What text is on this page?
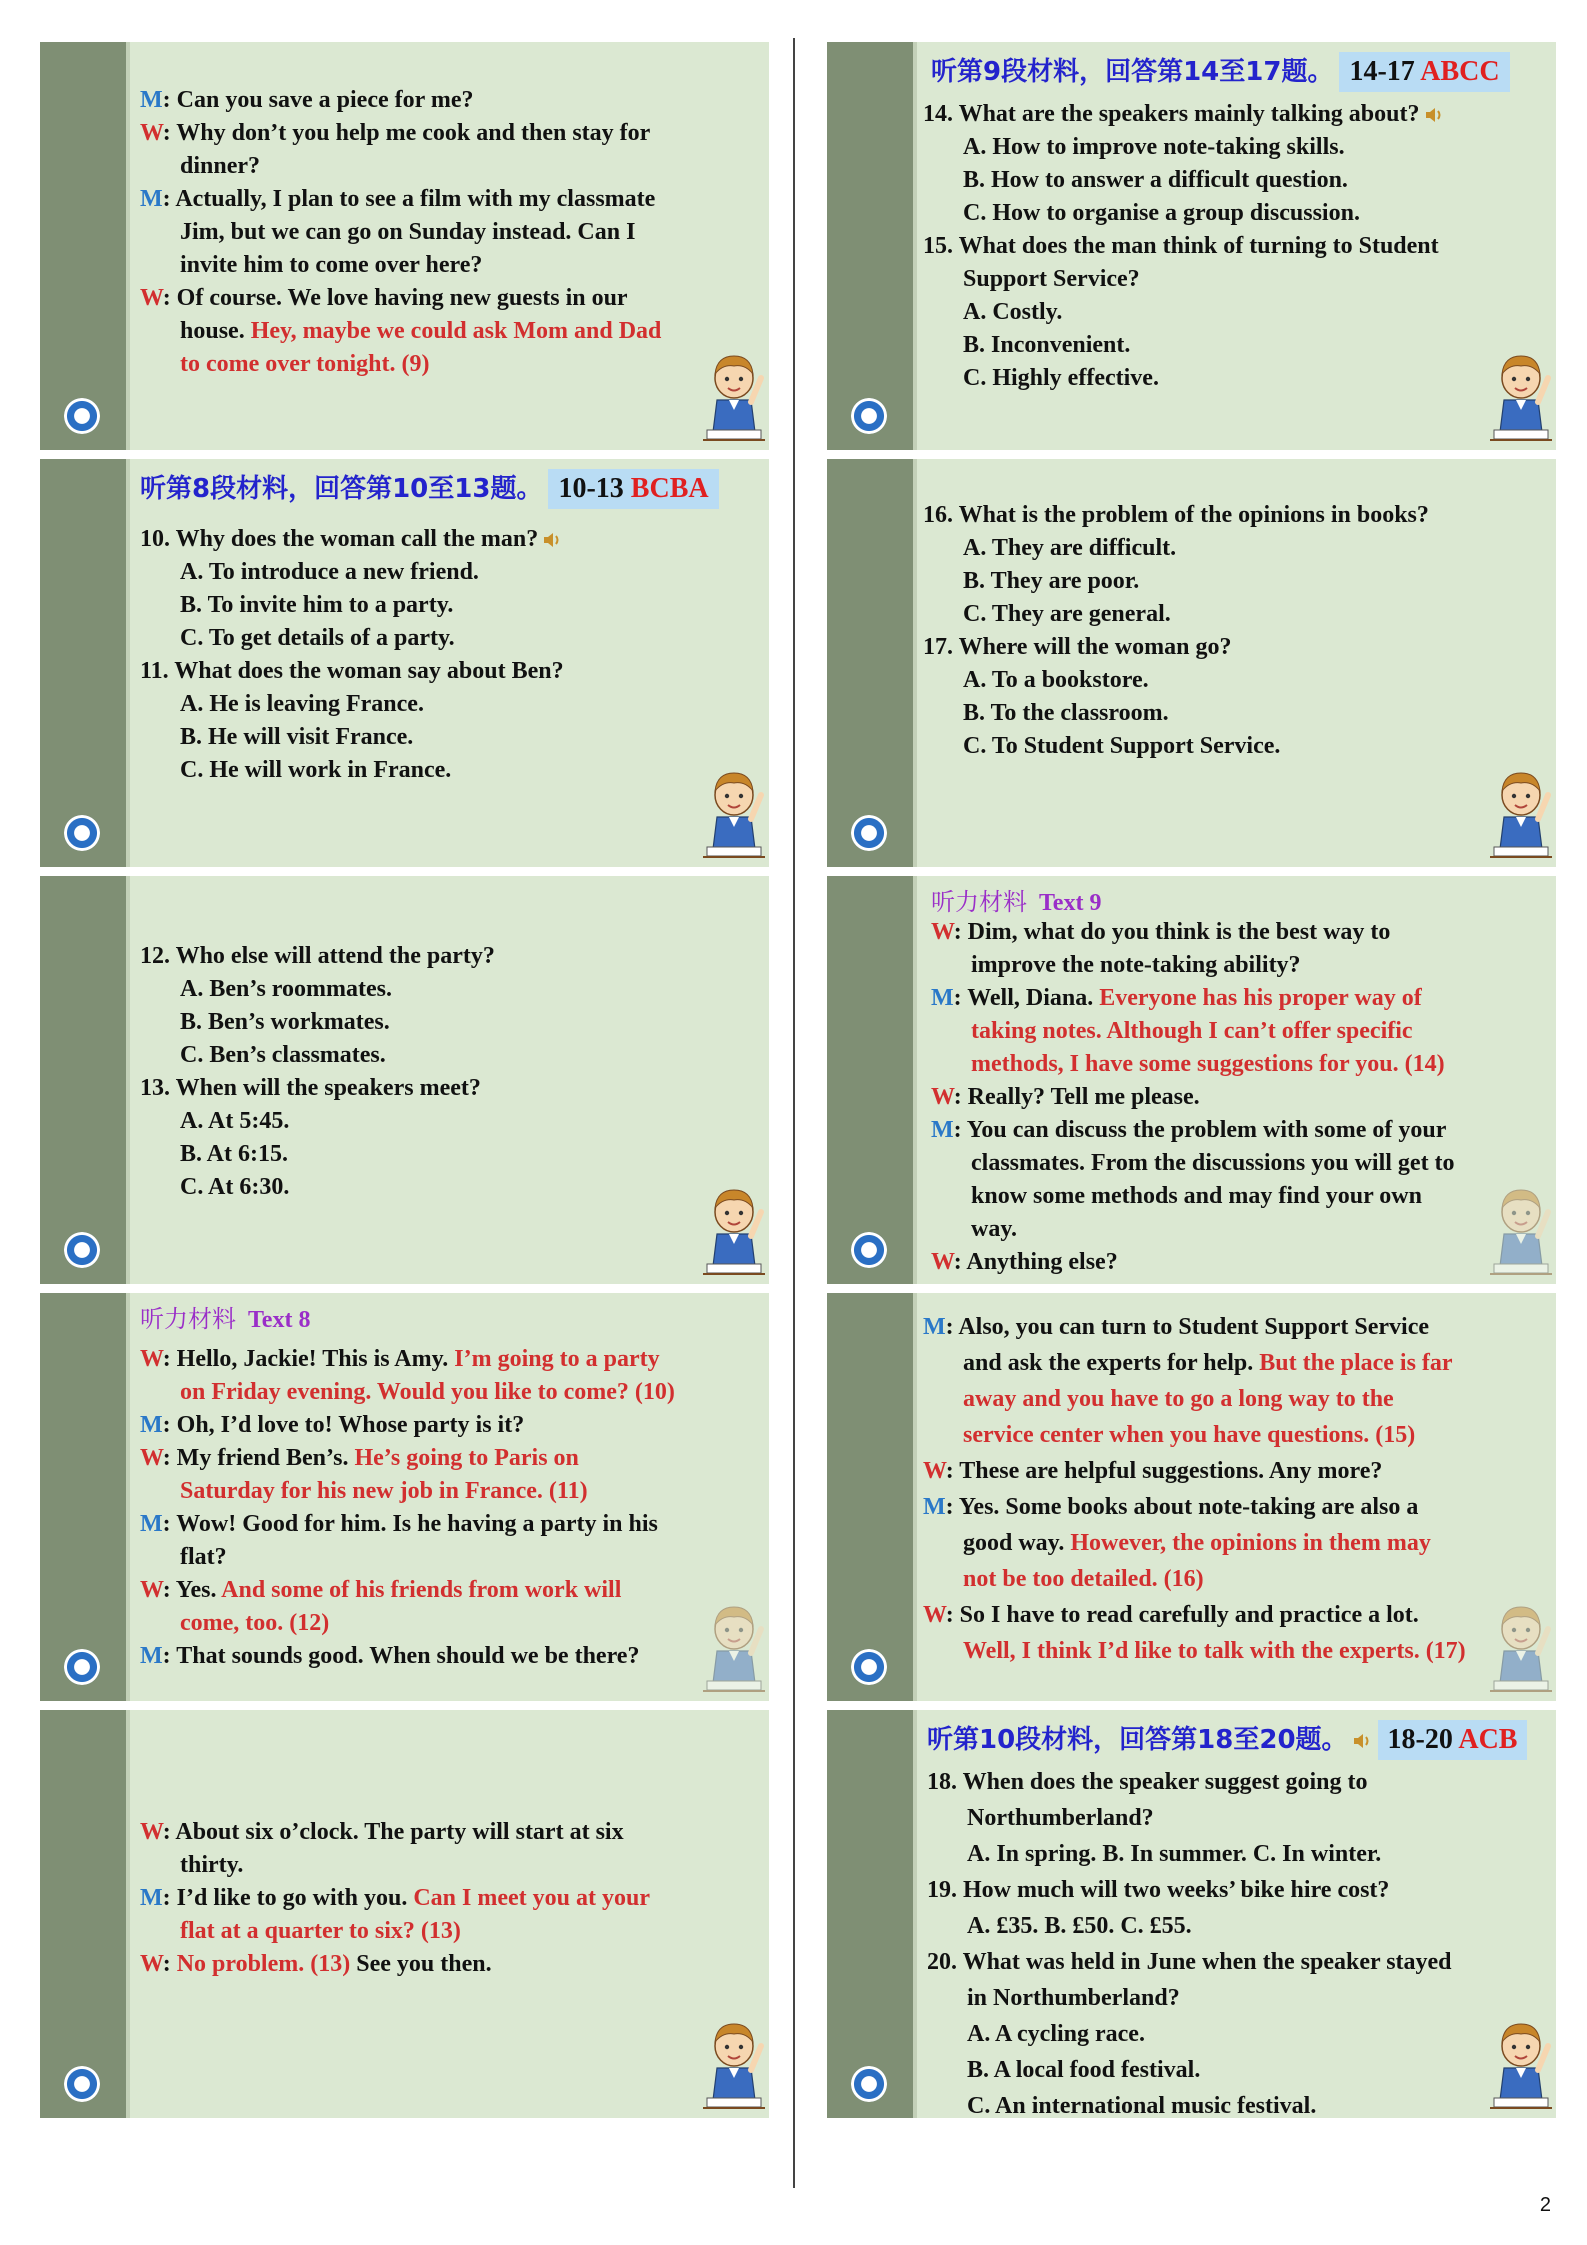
M: Can you save a piece for me?
W: Why don’t you help me cook and then stay for
dinner?
M: Actually, I plan to see a film with my classmate
Jim, but we can go on Sunday instead. Can I
invite him to come over here?
W: Of course. We love having new guests in our
house. Hey, maybe we could ask Mom and Dad
to come over tonight. (9)
听第8段材料，回答第10至13题。 10-13 BCBA
10. Why does the woman call the man?
A. To introduce a new friend.
B. To invite him to a party.
C. To get details of a party.
11. What does the woman say about Ben?
A. He is leaving France.
B. He will visit France.
C. He will work in France.
12. Who else will attend the party?
A. Ben’s roommates.
B. Ben’s workmates.
C. Ben’s classmates.
13. When will the speakers meet?
A. At 5:45.
B. At 6:15.
C. At 6:30.
听力材料 Text 8
W: Hello, Jackie! This is Amy. I’m going to a party
on Friday evening. Would you like to come? (10)
M: Oh, I’d love to! Whose party is it?
W: My friend Ben’s. He’s going to Paris on
Saturday for his new job in France. (11)
M: Wow! Good for him. Is he having a party in his
flat?
W: Yes. And some of his friends from work will
come, too. (12)
M: That sounds good. When should we be there?
W: About six o’clock. The party will start at six
thirty.
M: I’d like to go with you. Can I meet you at your
flat at a quarter to six? (13)
W: No problem. (13) See you then.
听第9段材料，回答第14至17题。 14-17 ABCC
14. What are the speakers mainly talking about?
A. How to improve note-taking skills.
B. How to answer a difficult question.
C. How to organise a group discussion.
15. What does the man think of turning to Student
Support Service?
A. Costly.
B. Inconvenient.
C. Highly effective.
16. What is the problem of the opinions in books?
A. They are difficult.
B. They are poor.
C. They are general.
17. Where will the woman go?
A. To a bookstore.
B. To the classroom.
C. To Student Support Service.
听力材料 Text 9
W: Dim, what do you think is the best way to
improve the note-taking ability?
M: Well, Diana. Everyone has his proper way of
taking notes. Although I can’t offer specific
methods, I have some suggestions for you. (14)
W: Really? Tell me please.
M: You can discuss the problem with some of your
classmates. From the discussions you will get to
know some methods and may find your own
way.
W: Anything else?
M: Also, you can turn to Student Support Service
and ask the experts for help. But the place is far
away and you have to go a long way to the
service center when you have questions. (15)
W: These are helpful suggestions. Any more?
M: Yes. Some books about note-taking are also a
good way. However, the opinions in them may
not be too detailed. (16)
W: So I have to read carefully and practice a lot.
Well, I think I’d like to talk with the experts. (17)
听第10段材料，回答第18至20题。 18-20 ACB
18. When does the speaker suggest going to
Northumberland?
A. In spring. B. In summer. C. In winter.
19. How much will two weeks’ bike hire cost?
A. £35. B. £50. C. £55.
20. What was held in June when the speaker stayed
in Northumberland?
A. A cycling race.
B. A local food festival.
C. An international music festival.
2
